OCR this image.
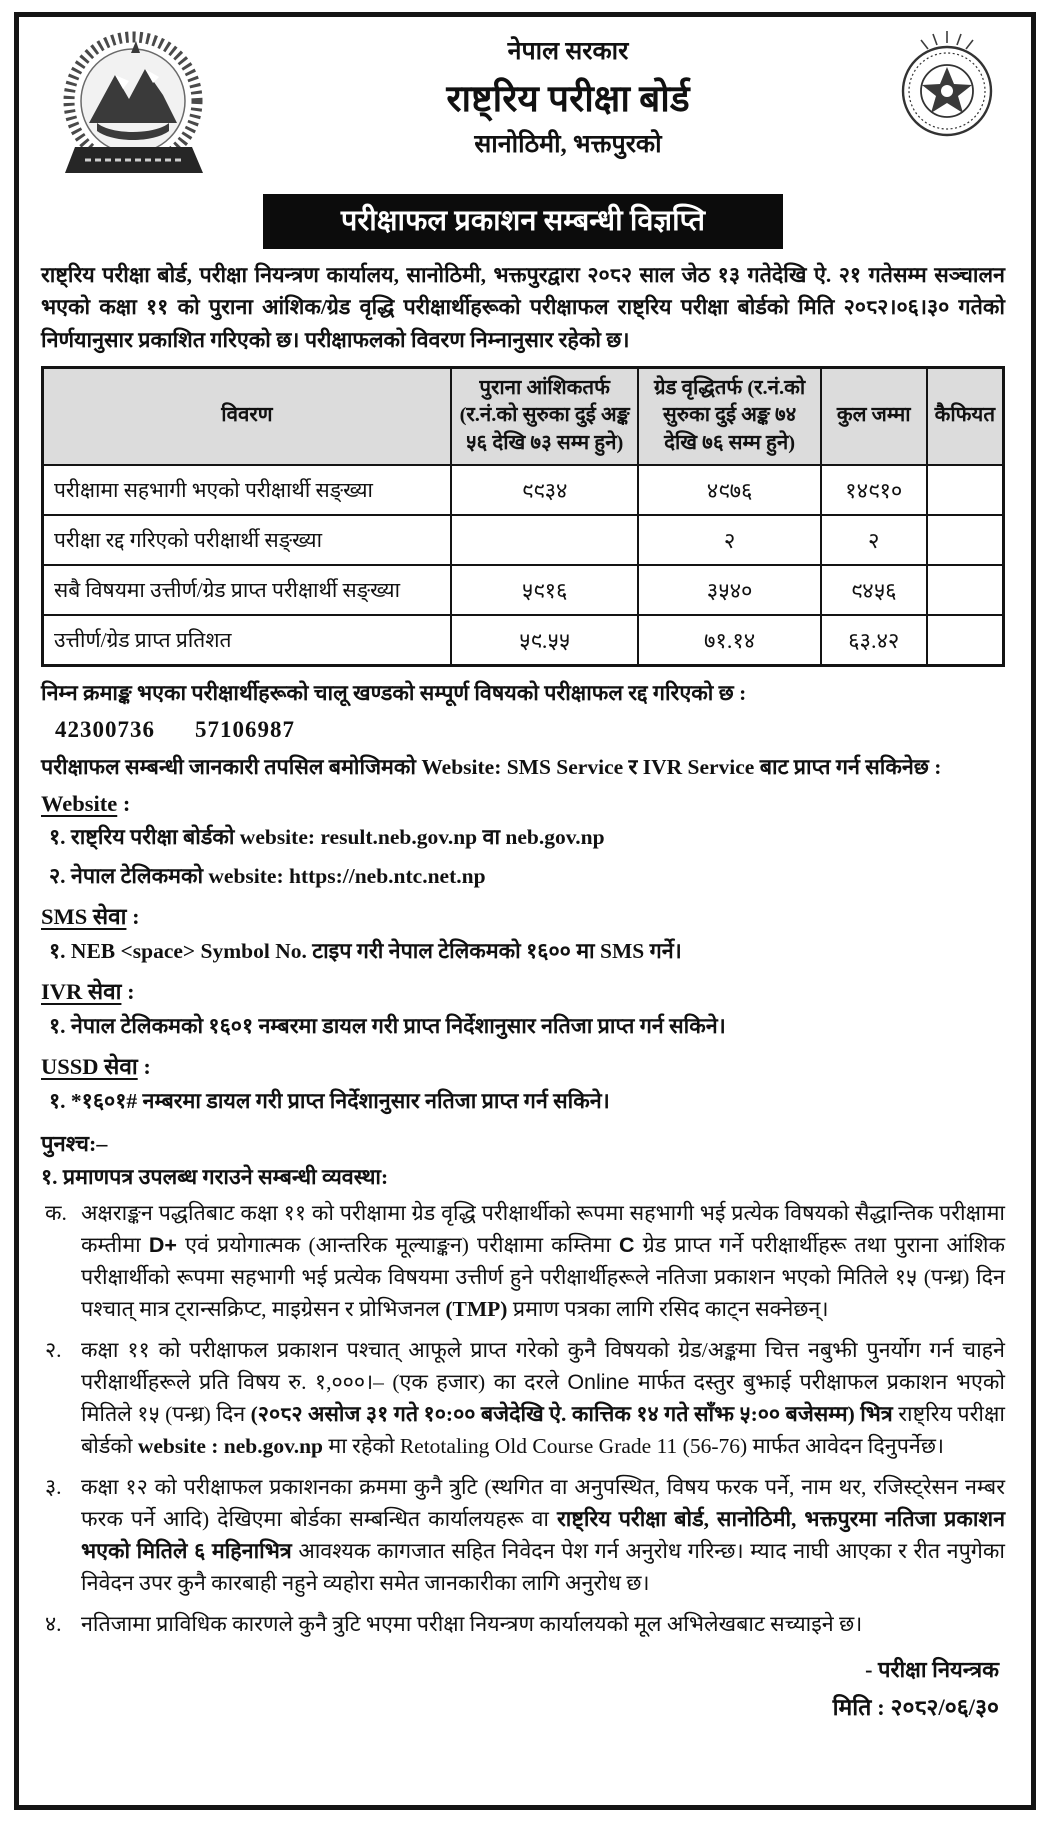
नेपाल सरकार
राष्ट्रिय परीक्षा बोर्ड
सानोठिमी, भक्तपुरको
परीक्षाफल प्रकाशन सम्बन्धी विज्ञप्ति

राष्ट्रिय परीक्षा बोर्ड, परीक्षा नियन्त्रण कार्यालय, सानोठिमी, भक्तपुरद्वारा २०८२ साल जेठ १३ गतेदेखि ऐ. २१ गतेसम्म सञ्चालन भएको कक्षा ११ को पुराना आंशिक/ग्रेड वृद्धि परीक्षार्थीहरूको परीक्षाफल राष्ट्रिय परीक्षा बोर्डको मिति २०८२।०६।३० गतेको निर्णयानुसार प्रकाशित गरिएको छ। परीक्षाफलको विवरण निम्नानुसार रहेको छ।

विवरण	पुराना आंशिकतर्फ (र.नं.को सुरुका दुई अङ्क ५६ देखि ७३ सम्म हुने)	ग्रेड वृद्धितर्फ (र.नं.को सुरुका दुई अङ्क ७४ देखि ७६ सम्म हुने)	कुल जम्मा	कैफियत
परीक्षामा सहभागी भएको परीक्षार्थी सङ्ख्या	९९३४	४९७६	१४९१०	
परीक्षा रद्द गरिएको परीक्षार्थी सङ्ख्या		२	२	
सबै विषयमा उत्तीर्ण/ग्रेड प्राप्त परीक्षार्थी सङ्ख्या	५९१६	३५४०	९४५६	
उत्तीर्ण/ग्रेड प्राप्त प्रतिशत	५९.५५	७१.१४	६३.४२	

निम्न क्रमाङ्क भएका परीक्षार्थीहरूको चालू खण्डको सम्पूर्ण विषयको परीक्षाफल रद्द गरिएको छ :

42300736 57106987

परीक्षाफल सम्बन्धी जानकारी तपसिल बमोजिमको Website: SMS Service र IVR Service बाट प्राप्त गर्न सकिनेछ :

Website :
१. राष्ट्रिय परीक्षा बोर्डको website: result.neb.gov.np वा neb.gov.np
२. नेपाल टेलिकमको website: https://neb.ntc.net.np
SMS सेवा :
१. NEB <space> Symbol No. टाइप गरी नेपाल टेलिकमको १६०० मा SMS गर्ने।
IVR सेवा :
१. नेपाल टेलिकमको १६०१ नम्बरमा डायल गरी प्राप्त निर्देशानुसार नतिजा प्राप्त गर्न सकिने।
USSD सेवा :
१. *१६०१# नम्बरमा डायल गरी प्राप्त निर्देशानुसार नतिजा प्राप्त गर्न सकिने।
पुनश्च:–
१. प्रमाणपत्र उपलब्ध गराउने सम्बन्धी व्यवस्था:
क. अक्षराङ्कन पद्धतिबाट कक्षा ११ को परीक्षामा ग्रेड वृद्धि परीक्षार्थीको रूपमा सहभागी भई प्रत्येक विषयको सैद्धान्तिक परीक्षामा कम्तीमा D+ एवं प्रयोगात्मक (आन्तरिक मूल्याङ्कन) परीक्षामा कम्तिमा C ग्रेड प्राप्त गर्ने परीक्षार्थीहरू तथा पुराना आंशिक परीक्षार्थीको रूपमा सहभागी भई प्रत्येक विषयमा उत्तीर्ण हुने परीक्षार्थीहरूले नतिजा प्रकाशन भएको मितिले १५ (पन्ध्र) दिन पश्चात् मात्र ट्रान्सक्रिप्ट, माइग्रेसन र प्रोभिजनल (TMP) प्रमाण पत्रका लागि रसिद काट्न सक्नेछन्।
२. कक्षा ११ को परीक्षाफल प्रकाशन पश्चात् आफूले प्राप्त गरेको कुनै विषयको ग्रेड/अङ्कमा चित्त नबुझी पुनर्योग गर्न चाहने परीक्षार्थीहरूले प्रति विषय रु. १,०००।– (एक हजार) का दरले Online मार्फत दस्तुर बुझाई परीक्षाफल प्रकाशन भएको मितिले १५ (पन्ध्र) दिन (२०८२ असोज ३१ गते १०:०० बजेदेखि ऐ. कात्तिक १४ गते साँझ ५:०० बजेसम्म) भित्र राष्ट्रिय परीक्षा बोर्डको website : neb.gov.np मा रहेको Retotaling Old Course Grade 11 (56-76) मार्फत आवेदन दिनुपर्नेछ।
३. कक्षा १२ को परीक्षाफल प्रकाशनका क्रममा कुनै त्रुटि (स्थगित वा अनुपस्थित, विषय फरक पर्ने, नाम थर, रजिस्ट्रेसन नम्बर फरक पर्ने आदि) देखिएमा बोर्डका सम्बन्धित कार्यालयहरू वा राष्ट्रिय परीक्षा बोर्ड, सानोठिमी, भक्तपुरमा नतिजा प्रकाशन भएको मितिले ६ महिनाभित्र आवश्यक कागजात सहित निवेदन पेश गर्न अनुरोध गरिन्छ। म्याद नाघी आएका र रीत नपुगेका निवेदन उपर कुनै कारबाही नहुने व्यहोरा समेत जानकारीका लागि अनुरोध छ।
४. नतिजामा प्राविधिक कारणले कुनै त्रुटि भएमा परीक्षा नियन्त्रण कार्यालयको मूल अभिलेखबाट सच्याइने छ।
- परीक्षा नियन्त्रक
मिति : २०८२/०६/३०
